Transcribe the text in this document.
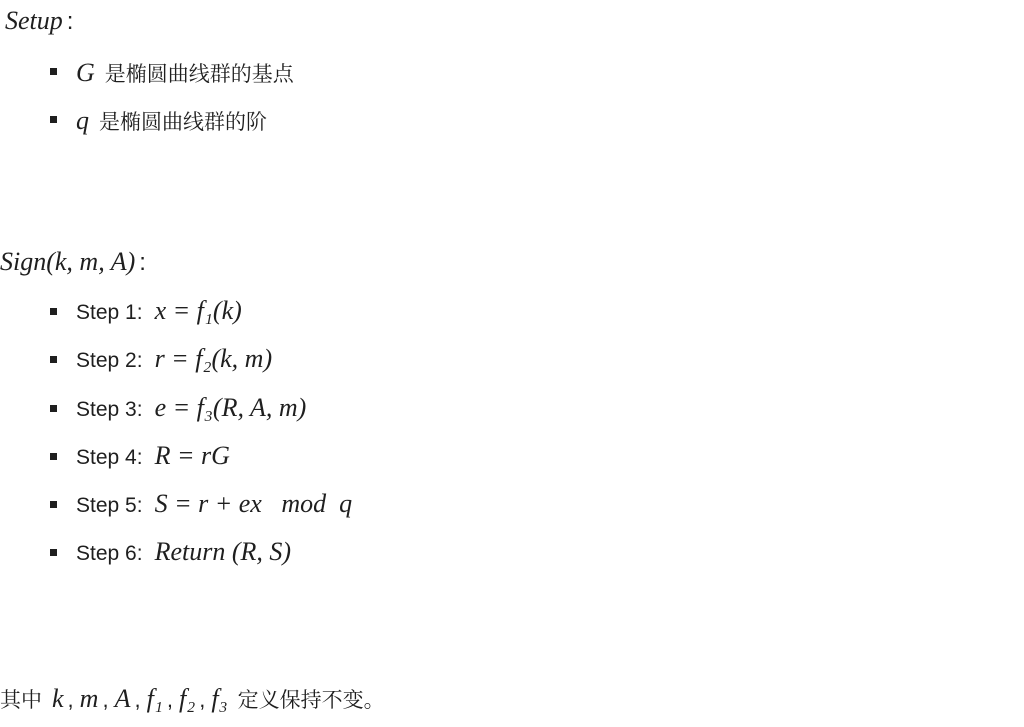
Setup :
G 是椭圆曲线群的基点
q 是椭圆曲线群的阶
Sign(k, m, A) :
Step 1: x = f₁(k)
Step 2: r = f₂(k, m)
Step 3: e = f₃(R, A, m)
Step 4: R = rG
Step 5: S = r + ex   mod  q
Step 6: Return (R, S)
其中 k , m , A , f₁ , f₂ , f₃ 定义保持不变。
